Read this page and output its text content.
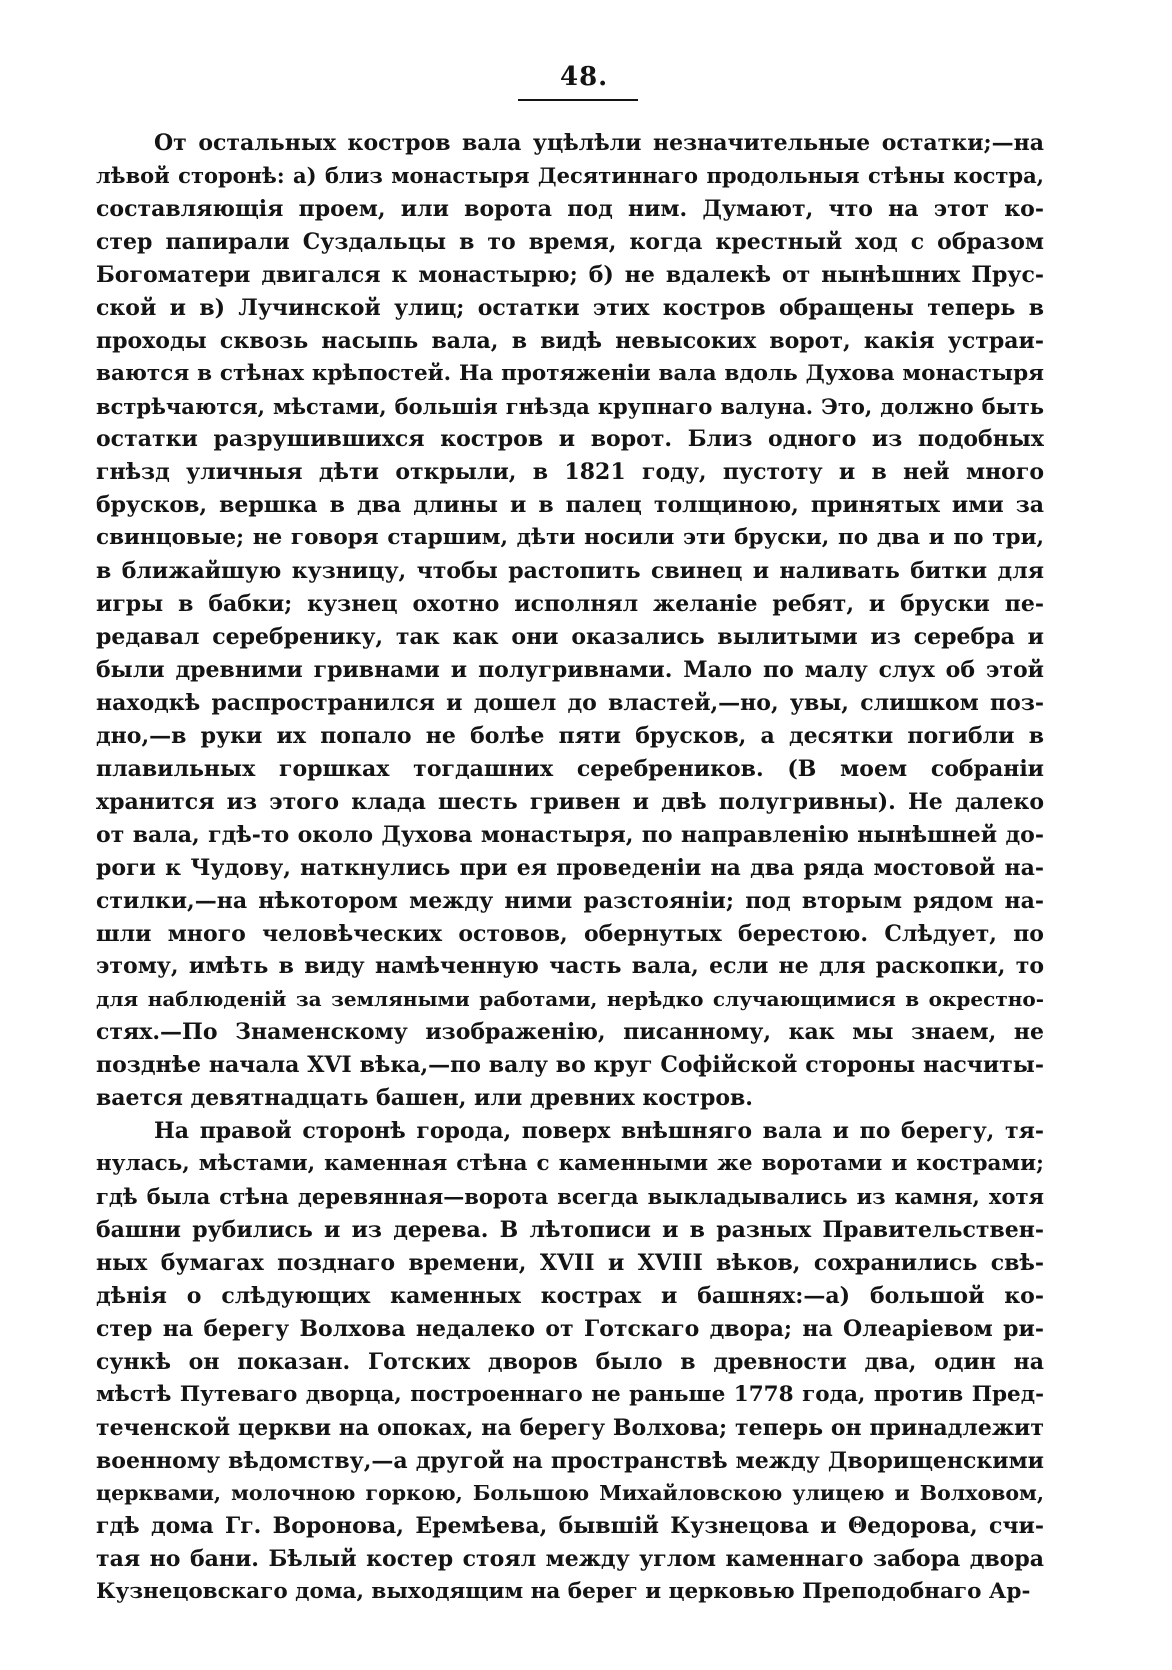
48.
От остальных костров вала уцѣлѣли незначительные остатки;—на
лѣвой сторонѣ: а) близ монастыря Десятиннаго продольныя стѣны костра,
составляющія проем, или ворота под ним. Думают, что на этот ко-
стер папирали Суздальцы в то время, когда крестный ход с образом
Богоматери двигался к монастырю; б) не вдалекѣ от нынѣшних Прус-
ской и в) Лучинской улиц; остатки этих костров обращены теперь в
проходы сквозь насыпь вала, в видѣ невысоких ворот, какія устраи-
ваются в стѣнах крѣпостей. На протяженіи вала вдоль Духова монастыря
встрѣчаются, мѣстами, большія гнѣзда крупнаго валуна. Это, должно быть
остатки разрушившихся костров и ворот. Близ одного из подобных
гнѣзд уличныя дѣти открыли, в 1821 году, пустоту и в ней много
брусков, вершка в два длины и в палец толщиною, принятых ими за
свинцовые; не говоря старшим, дѣти носили эти бруски, по два и по три,
в ближайшую кузницу, чтобы растопить свинец и наливать битки для
игры в бабки; кузнец охотно исполнял желаніе ребят, и бруски пе-
редавал серебренику, так как они оказались вылитыми из серебра и
были древними гривнами и полугривнами. Мало по малу слух об этой
находкѣ распространился и дошел до властей,—но, увы, слишком поз-
дно,—в руки их попало не болѣе пяти брусков, а десятки погибли в
плавильных горшках тогдашних серебреников. (В моем собраніи
хранится из этого клада шесть гривен и двѣ полугривны). Не далеко
от вала, гдѣ-то около Духова монастыря, по направленію нынѣшней до-
роги к Чудову, наткнулись при ея проведеніи на два ряда мостовой на-
стилки,—на нѣкотором между ними разстояніи; под вторым рядом на-
шли много человѣческих остовов, обернутых берестою. Слѣдует, по
этому, имѣть в виду намѣченную часть вала, если не для раскопки, то
для наблюденій за земляными работами, нерѣдко случающимися в окрестно-
стях.—По Знаменскому изображенію, писанному, как мы знаем, не
позднѣе начала XVI вѣка,—по валу во круг Софійской стороны насчиты-
вается девятнадцать башен, или древних костров.
На правой сторонѣ города, поверх внѣшняго вала и по берегу, тя-
нулась, мѣстами, каменная стѣна с каменными же воротами и кострами;
гдѣ была стѣна деревянная—ворота всегда выкладывались из камня, хотя
башни рубились и из дерева. В лѣтописи и в разных Правительствен-
ных бумагах позднаго времени, XVII и XVIII вѣков, сохранились свѣ-
дѣнія о слѣдующих каменных кострах и башнях:—а) большой ко-
стер на берегу Волхова недалеко от Готскаго двора; на Олеаріевом ри-
сункѣ он показан. Готских дворов было в древности два, один на
мѣстѣ Путеваго дворца, построеннаго не раньше 1778 года, против Пред-
теченской церкви на опоках, на берегу Волхова; теперь он принадлежит
военному вѣдомству,—а другой на пространствѣ между Дворищенскими
церквами, молочною горкою, Большою Михайловскою улицею и Волховом,
гдѣ дома Гг. Воронова, Еремѣева, бывшій Кузнецова и Θедорова, счи-
тая но бани. Бѣлый костер стоял между углом каменнаго забора двора
Кузнецовскаго дома, выходящим на берег и церковью Преподобнаго Ар-
